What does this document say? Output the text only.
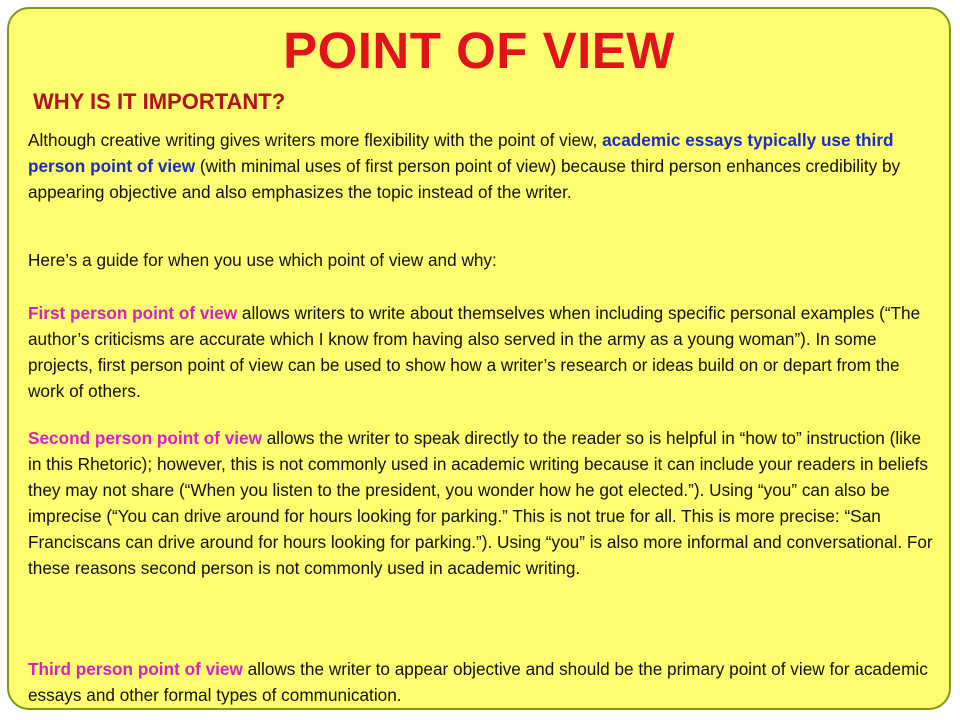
POINT OF VIEW
WHY IS IT IMPORTANT?

Although creative writing gives writers more flexibility with the point of view, academic essays typically use third person point of view (with minimal uses of first person point of view) because third person enhances credibility by appearing objective and also emphasizes the topic instead of the writer.

Here’s a guide for when you use which point of view and why:

First person point of view allows writers to write about themselves when including specific personal examples (“The author’s criticisms are accurate which I know from having also served in the army as a young woman”). In some projects, first person point of view can be used to show how a writer’s research or ideas build on or depart from the work of others.

Second person point of view allows the writer to speak directly to the reader so is helpful in “how to” instruction (like in this Rhetoric); however, this is not commonly used in academic writing because it can include your readers in beliefs they may not share (“When you listen to the president, you wonder how he got elected.”). Using “you” can also be imprecise (“You can drive around for hours looking for parking.” This is not true for all. This is more precise: “San Franciscans can drive around for hours looking for parking.”). Using “you” is also more informal and conversational. For these reasons second person is not commonly used in academic writing.

Third person point of view allows the writer to appear objective and should be the primary point of view for academic essays and other formal types of communication.
